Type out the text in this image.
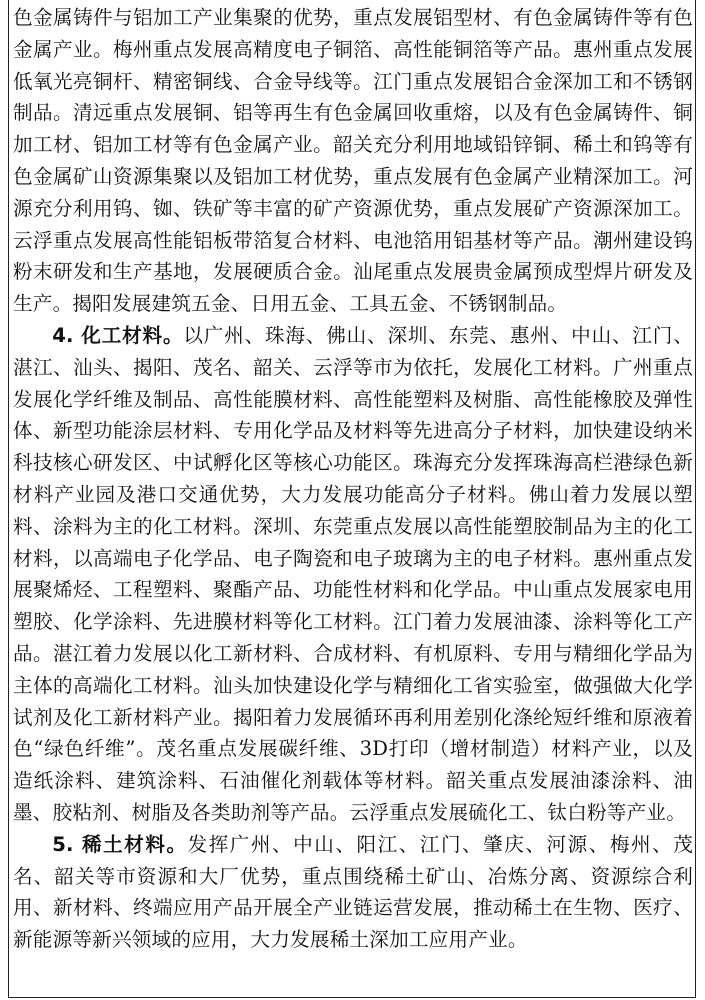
色金属铸件与铝加工产业集聚的优势，重点发展铝型材、有色金属铸件等有色金属产业。梅州重点发展高精度电子铜箔、高性能铜箔等产品。惠州重点发展低氧光亮铜杆、精密铜线、合金导线等。江门重点发展铝合金深加工和不锈钢制品。清远重点发展铜、铝等再生有色金属回收重熔，以及有色金属铸件、铜加工材、铝加工材等有色金属产业。韶关充分利用地域铅锌铜、稀土和钨等有色金属矿山资源集聚以及铝加工材优势，重点发展有色金属产业精深加工。河源充分利用钨、铷、铁矿等丰富的矿产资源优势，重点发展矿产资源深加工。云浮重点发展高性能铝板带箔复合材料、电池箔用铝基材等产品。潮州建设钨粉末研发和生产基地，发展硬质合金。汕尾重点发展贵金属预成型焊片研发及生产。揭阳发展建筑五金、日用五金、工具五金、不锈钢制品。

4. 化工材料。以广州、珠海、佛山、深圳、东莞、惠州、中山、江门、湛江、汕头、揭阳、茂名、韶关、云浮等市为依托，发展化工材料。广州重点发展化学纤维及制品、高性能膜材料、高性能塑料及树脂、高性能橡胶及弹性体、新型功能涂层材料、专用化学品及材料等先进高分子材料，加快建设纳米科技核心研发区、中试孵化区等核心功能区。珠海充分发挥珠海高栏港绿色新材料产业园及港口交通优势，大力发展功能高分子材料。佛山着力发展以塑料、涂料为主的化工材料。深圳、东莞重点发展以高性能塑胶制品为主的化工材料，以高端电子化学品、电子陶瓷和电子玻璃为主的电子材料。惠州重点发展聚烯烃、工程塑料、聚酯产品、功能性材料和化学品。中山重点发展家电用塑胶、化学涂料、先进膜材料等化工材料。江门着力发展油漆、涂料等化工产品。湛江着力发展以化工新材料、合成材料、有机原料、专用与精细化学品为主体的高端化工材料。汕头加快建设化学与精细化工省实验室，做强做大化学试剂及化工新材料产业。揭阳着力发展循环再利用差别化涤纶短纤维和原液着色“绿色纤维”。茂名重点发展碳纤维、3D打印（增材制造）材料产业，以及造纸涂料、建筑涂料、石油催化剂载体等材料。韶关重点发展油漆涂料、油墨、胶粘剂、树脂及各类助剂等产品。云浮重点发展硫化工、钛白粉等产业。

5. 稀土材料。发挥广州、中山、阳江、江门、肇庆、河源、梅州、茂名、韶关等市资源和大厂优势，重点围绕稀土矿山、冶炼分离、资源综合利用、新材料、终端应用产品开展全产业链运营发展，推动稀土在生物、医疗、新能源等新兴领域的应用，大力发展稀土深加工应用产业。
